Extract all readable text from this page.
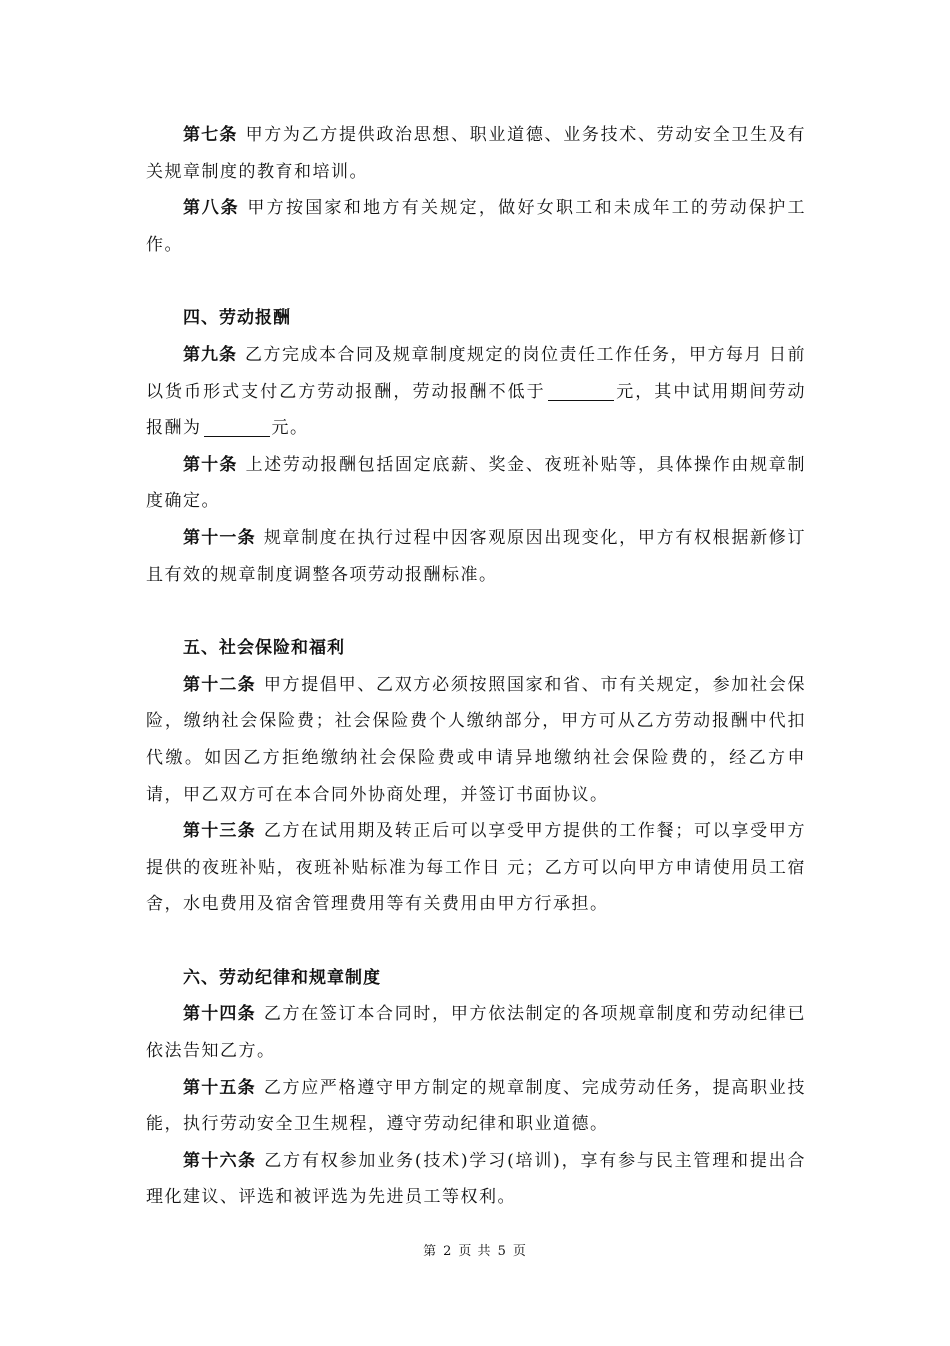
第七条 甲方为乙方提供政治思想、职业道德、业务技术、劳动安全卫生及有关规章制度的教育和培训。

第八条 甲方按国家和地方有关规定，做好女职工和未成年工的劳动保护工作。

四、劳动报酬

第九条 乙方完成本合同及规章制度规定的岗位责任工作任务，甲方每月 日前以货币形式支付乙方劳动报酬，劳动报酬不低于	元，其中试用期间劳动报酬为	元。

第十条 上述劳动报酬包括固定底薪、奖金、夜班补贴等，具体操作由规章制度确定。

第十一条 规章制度在执行过程中因客观原因出现变化，甲方有权根据新修订且有效的规章制度调整各项劳动报酬标准。

五、社会保险和福利

第十二条 甲方提倡甲、乙双方必须按照国家和省、市有关规定，参加社会保险，缴纳社会保险费；社会保险费个人缴纳部分，甲方可从乙方劳动报酬中代扣代缴。如因乙方拒绝缴纳社会保险费或申请异地缴纳社会保险费的，经乙方申请，甲乙双方可在本合同外协商处理，并签订书面协议。

第十三条 乙方在试用期及转正后可以享受甲方提供的工作餐；可以享受甲方提供的夜班补贴，夜班补贴标准为每工作日 元；乙方可以向甲方申请使用员工宿舍，水电费用及宿舍管理费用等有关费用由甲方行承担。

六、劳动纪律和规章制度

第十四条 乙方在签订本合同时，甲方依法制定的各项规章制度和劳动纪律已依法告知乙方。

第十五条 乙方应严格遵守甲方制定的规章制度、完成劳动任务，提高职业技能，执行劳动安全卫生规程，遵守劳动纪律和职业道德。

第十六条 乙方有权参加业务(技术)学习(培训)，享有参与民主管理和提出合理化建议、评选和被评选为先进员工等权利。

第 2 页 共 5 页
